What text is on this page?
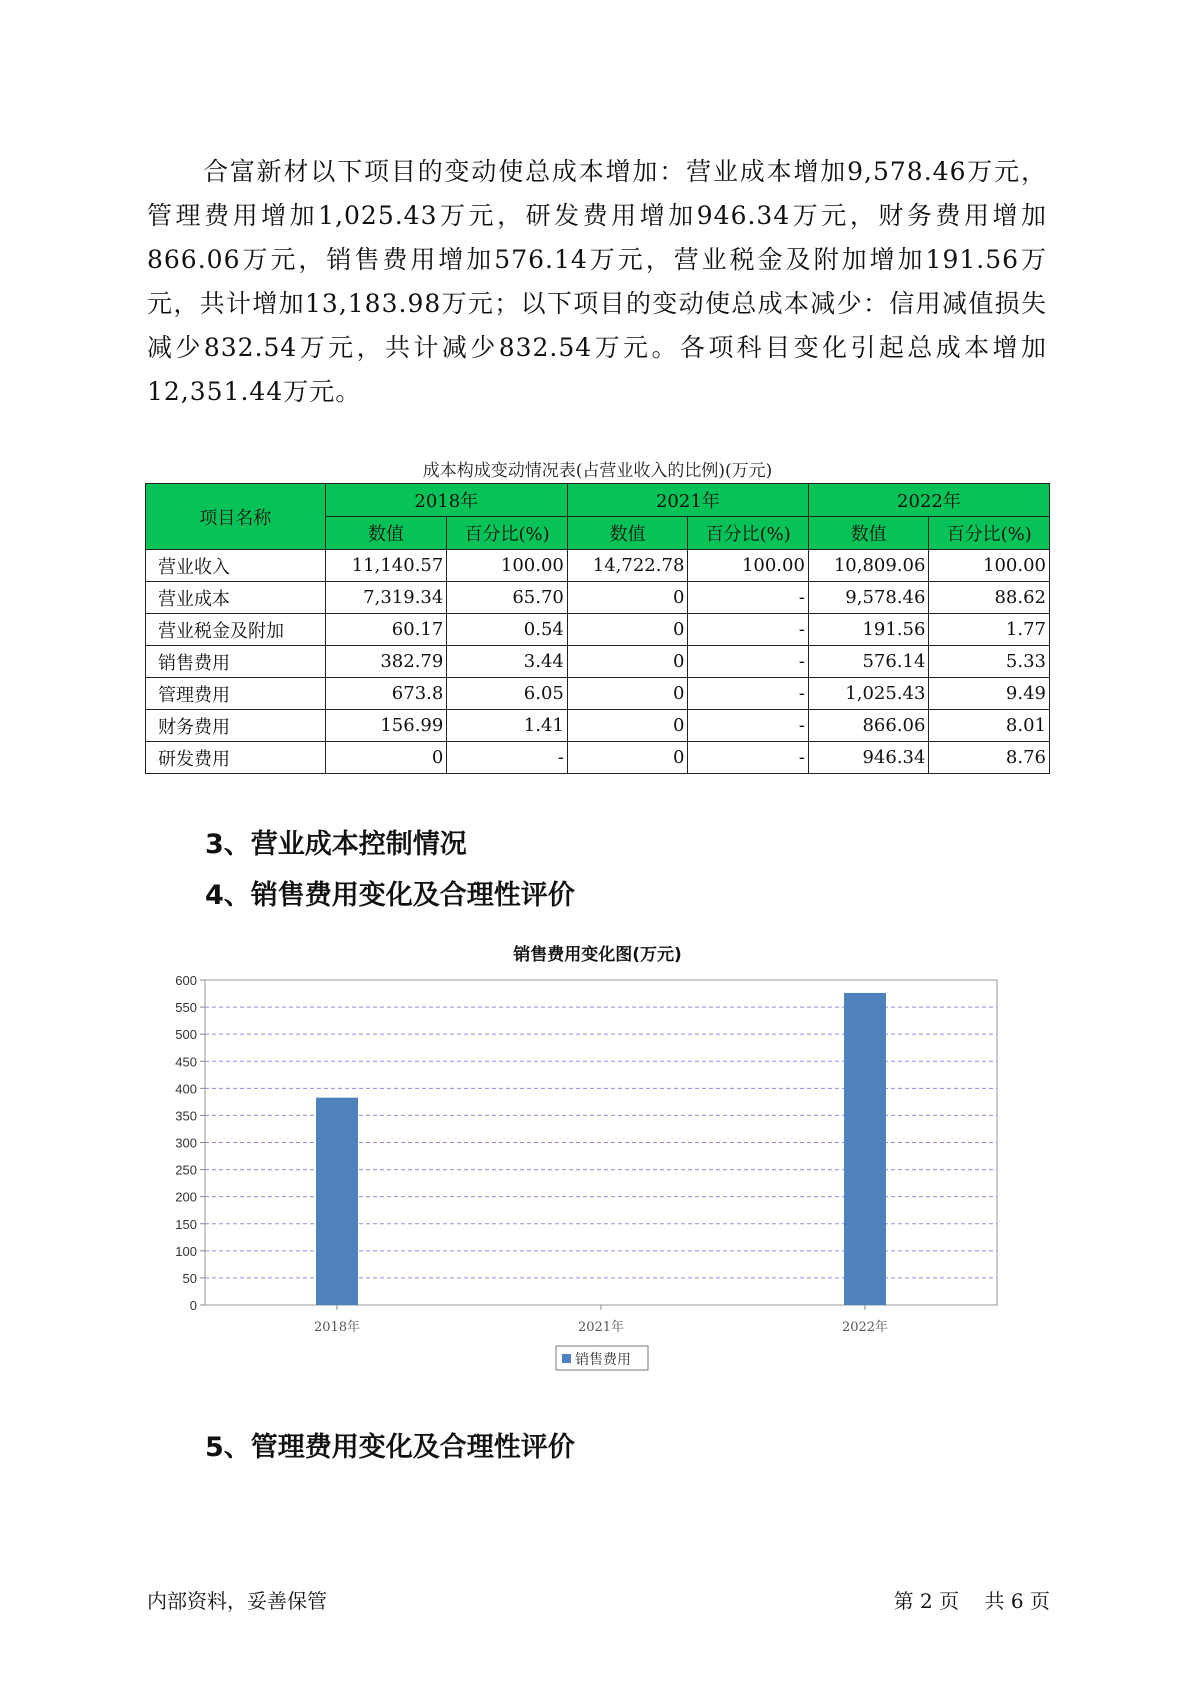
合富新材以下项目的变动使总成本增加：营业成本增加9,578.46万元，管理费用增加1,025.43万元，研发费用增加946.34万元，财务费用增加866.06万元，销售费用增加576.14万元，营业税金及附加增加191.56万元，共计增加13,183.98万元；以下项目的变动使总成本减少：信用减值损失减少832.54万元，共计减少832.54万元。各项科目变化引起总成本增加12,351.44万元。

成本构成变动情况表(占营业收入的比例)(万元)
项目名称	2018年		2021年		2022年	
	数值	百分比(%)	数值	百分比(%)	数值	百分比(%)
营业收入	11,140.57	100.00	14,722.78	100.00	10,809.06	100.00
营业成本	7,319.34	65.70	0	-	9,578.46	88.62
营业税金及附加	60.17	0.54	0	-	191.56	1.77
销售费用	382.79	3.44	0	-	576.14	5.33
管理费用	673.8	6.05	0	-	1,025.43	9.49
财务费用	156.99	1.41	0	-	866.06	8.01
研发费用	0	-	0	-	946.34	8.76
3、营业成本控制情况
4、销售费用变化及合理性评价
销售费用变化图(万元)
0
50
100
150
200
250
300
350
400
450
500
550
600
2018年	2021年	2022年
销售费用
5、管理费用变化及合理性评价
内部资料，妥善保管	第 2 页 共 6 页
